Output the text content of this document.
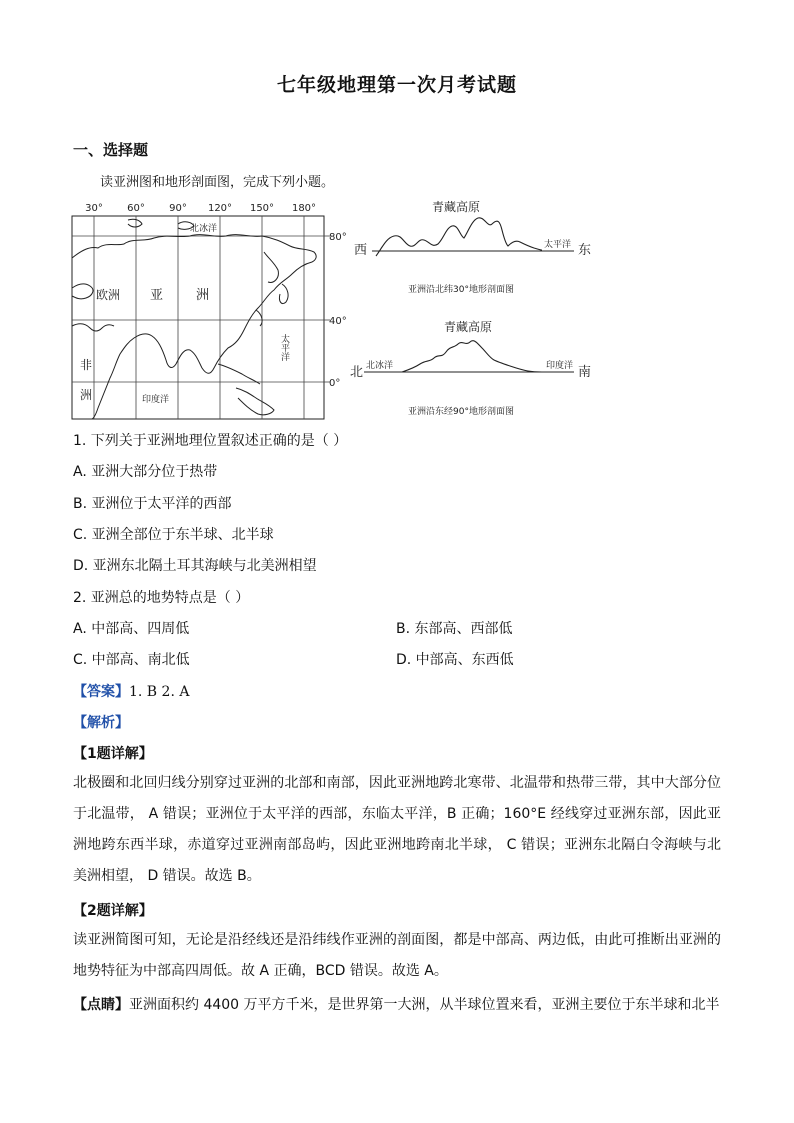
七年级地理第一次月考试题
一、选择题
读亚洲图和地形剖面图，完成下列小题。
30° 60° 90° 120° 150° 180°
80°
40°
0°
北冰洋
欧洲 亚	洲
非
洲	印度洋
太平洋
青藏高原
西	东
太平洋
亚洲沿北纬30°地形剖面图
青藏高原
北	南
北冰洋	印度洋
亚洲沿东经90°地形剖面图
1. 下列关于亚洲地理位置叙述正确的是（ ）
A. 亚洲大部分位于热带
B. 亚洲位于太平洋的西部
C. 亚洲全部位于东半球、北半球
D. 亚洲东北隔土耳其海峡与北美洲相望
2. 亚洲总的地势特点是（ ）
A. 中部高、四周低	B. 东部高、西部低
C. 中部高、南北低	D. 中部高、东西低
【答案】1. B 2. A
【解析】
【1题详解】
北极圈和北回归线分别穿过亚洲的北部和南部，因此亚洲地跨北寒带、北温带和热带三带，其中大部分位于北温带， A 错误；亚洲位于太平洋的西部，东临太平洋，B 正确；160°E 经线穿过亚洲东部，因此亚洲地跨东西半球，赤道穿过亚洲南部岛屿，因此亚洲地跨南北半球， C 错误；亚洲东北隔白令海峡与北美洲相望， D 错误。故选 B。
【2题详解】
读亚洲简图可知，无论是沿经线还是沿纬线作亚洲的剖面图，都是中部高、两边低，由此可推断出亚洲的地势特征为中部高四周低。故 A 正确，BCD 错误。故选 A。
【点睛】亚洲面积约 4400 万平方千米，是世界第一大洲，从半球位置来看，亚洲主要位于东半球和北半
